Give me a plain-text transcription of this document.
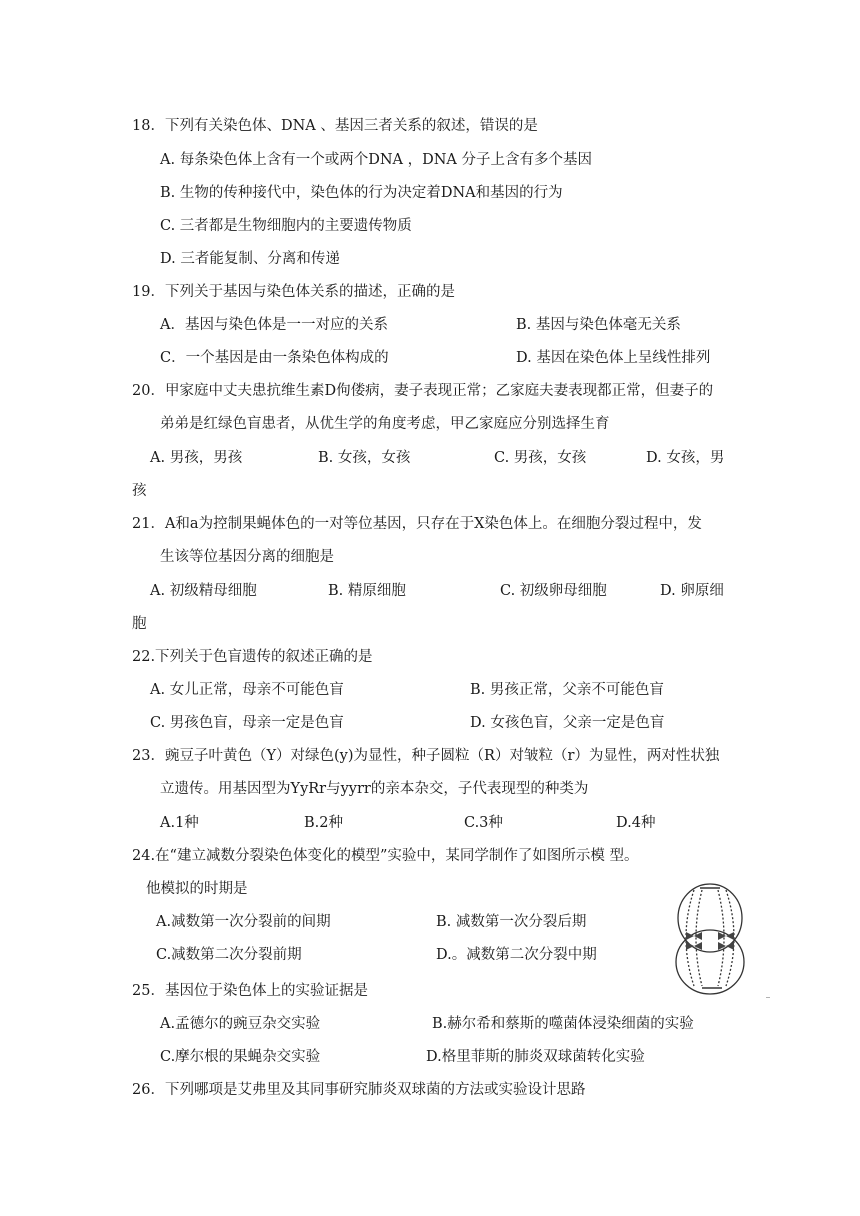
18．下列有关染色体、DNA 、基因三者关系的叙述，错误的是
A. 每条染色体上含有一个或两个DNA ，DNA 分子上含有多个基因
B. 生物的传种接代中，染色体的行为决定着DNA和基因的行为
C. 三者都是生物细胞内的主要遗传物质
D. 三者能复制、分离和传递
19．下列关于基因与染色体关系的描述，正确的是
A．基因与染色体是一一对应的关系	B. 基因与染色体毫无关系
C．一个基因是由一条染色体构成的	D. 基因在染色体上呈线性排列
20．甲家庭中丈夫患抗维生素D佝偻病，妻子表现正常；乙家庭夫妻表现都正常，但妻子的
弟弟是红绿色盲患者，从优生学的角度考虑，甲乙家庭应分别选择生育
A. 男孩，男孩	B. 女孩，女孩	C. 男孩，女孩	D. 女孩，男
孩
21．A和a为控制果蝇体色的一对等位基因，只存在于X染色体上。在细胞分裂过程中，发
生该等位基因分离的细胞是
A. 初级精母细胞	B. 精原细胞	C. 初级卵母细胞	D. 卵原细
胞
22.下列关于色盲遗传的叙述正确的是
A. 女儿正常，母亲不可能色盲	B. 男孩正常，父亲不可能色盲
C. 男孩色盲，母亲一定是色盲	D. 女孩色盲，父亲一定是色盲
23．豌豆子叶黄色（Y）对绿色(y)为显性，种子圆粒（R）对皱粒（r）为显性，两对性状独
立遗传。用基因型为YyRr与yyrr的亲本杂交，子代表现型的种类为
A.1种	B.2种	C.3种	D.4种
24.在“建立减数分裂染色体变化的模型”实验中，某同学制作了如图所示模 型。
他模拟的时期是
A.减数第一次分裂前的间期	B. 减数第一次分裂后期
C.减数第二次分裂前期	D.。减数第二次分裂中期
25．基因位于染色体上的实验证据是
A.孟德尔的豌豆杂交实验	B.赫尔希和蔡斯的噬菌体浸染细菌的实验
C.摩尔根的果蝇杂交实验	D.格里菲斯的肺炎双球菌转化实验
26．下列哪项是艾弗里及其同事研究肺炎双球菌的方法或实验设计思路
